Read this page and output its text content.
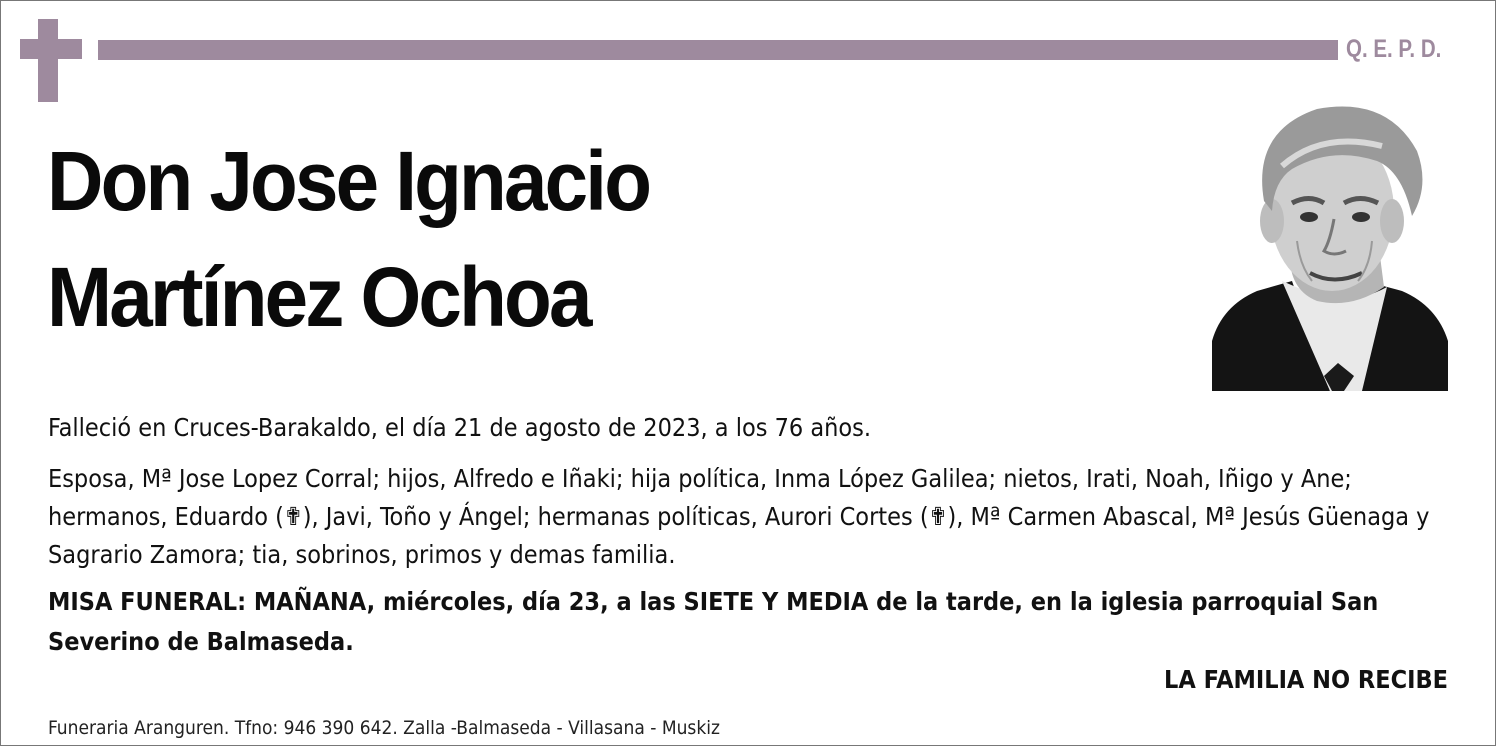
Q. E. P. D.
Don Jose Ignacio
Martínez Ochoa
Falleció en Cruces-Barakaldo, el día 21 de agosto de 2023, a los 76 años.
Esposa, Mª Jose Lopez Corral; hijos, Alfredo e Iñaki; hija política, Inma López Galilea; nietos, Irati, Noah, Iñigo y Ane; hermanos, Eduardo (✟), Javi, Toño y Ángel; hermanas políticas, Aurori Cortes (✟), Mª Carmen Abascal, Mª Jesús Güenaga y Sagrario Zamora; tia, sobrinos, primos y demas familia.
MISA FUNERAL: MAÑANA, miércoles, día 23, a las SIETE Y MEDIA de la tarde, en la iglesia parroquial San Severino de Balmaseda.
LA FAMILIA NO RECIBE
Funeraria Aranguren. Tfno: 946 390 642. Zalla -Balmaseda - Villasana - Muskiz
